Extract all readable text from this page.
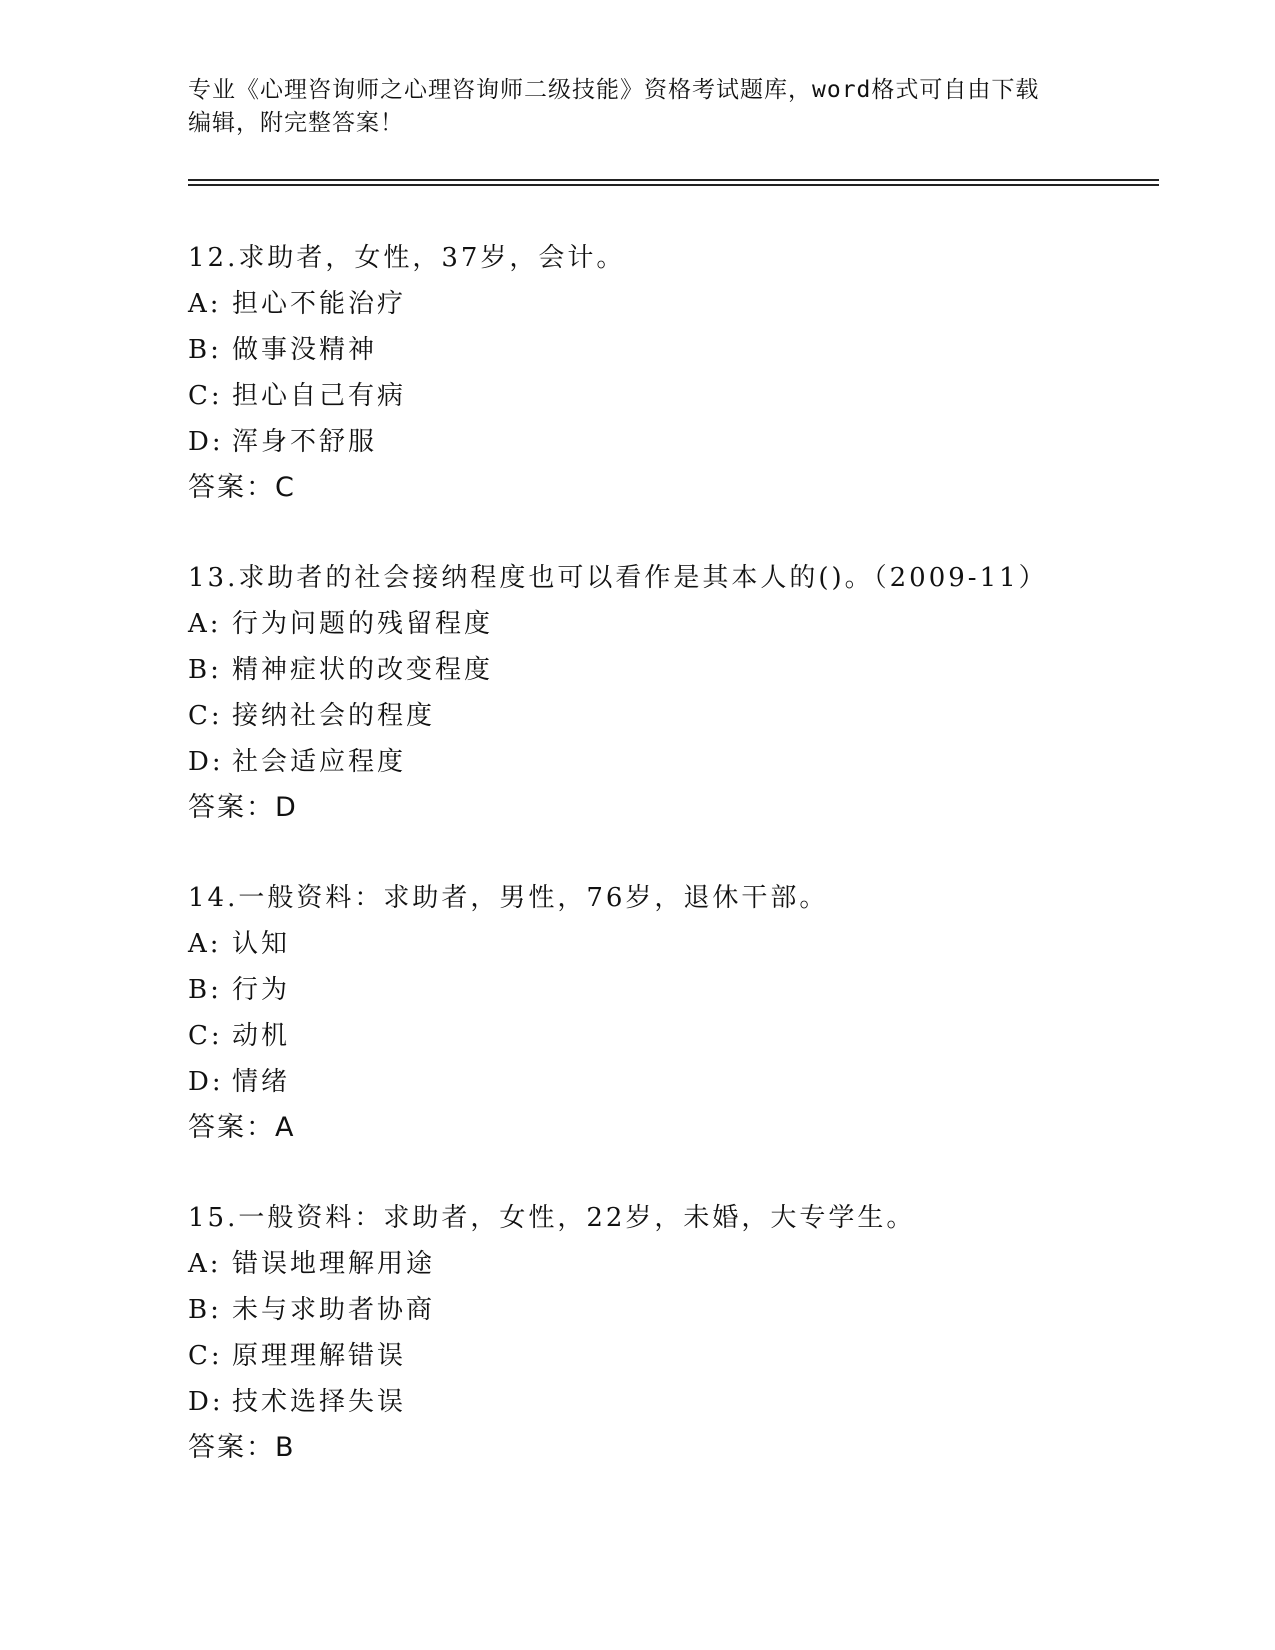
专业《心理咨询师之心理咨询师二级技能》资格考试题库，word格式可自由下载
编辑，附完整答案！
12.求助者，女性，37岁，会计。
A: 担心不能治疗
B: 做事没精神
C: 担心自己有病
D: 浑身不舒服
答案：C
13.求助者的社会接纳程度也可以看作是其本人的()。（2009-11）
A: 行为问题的残留程度
B: 精神症状的改变程度
C: 接纳社会的程度
D: 社会适应程度
答案：D
14.一般资料：求助者，男性，76岁，退休干部。
A: 认知
B: 行为
C: 动机
D: 情绪
答案：A
15.一般资料：求助者，女性，22岁，未婚，大专学生。
A: 错误地理解用途
B: 未与求助者协商
C: 原理理解错误
D: 技术选择失误
答案：B
